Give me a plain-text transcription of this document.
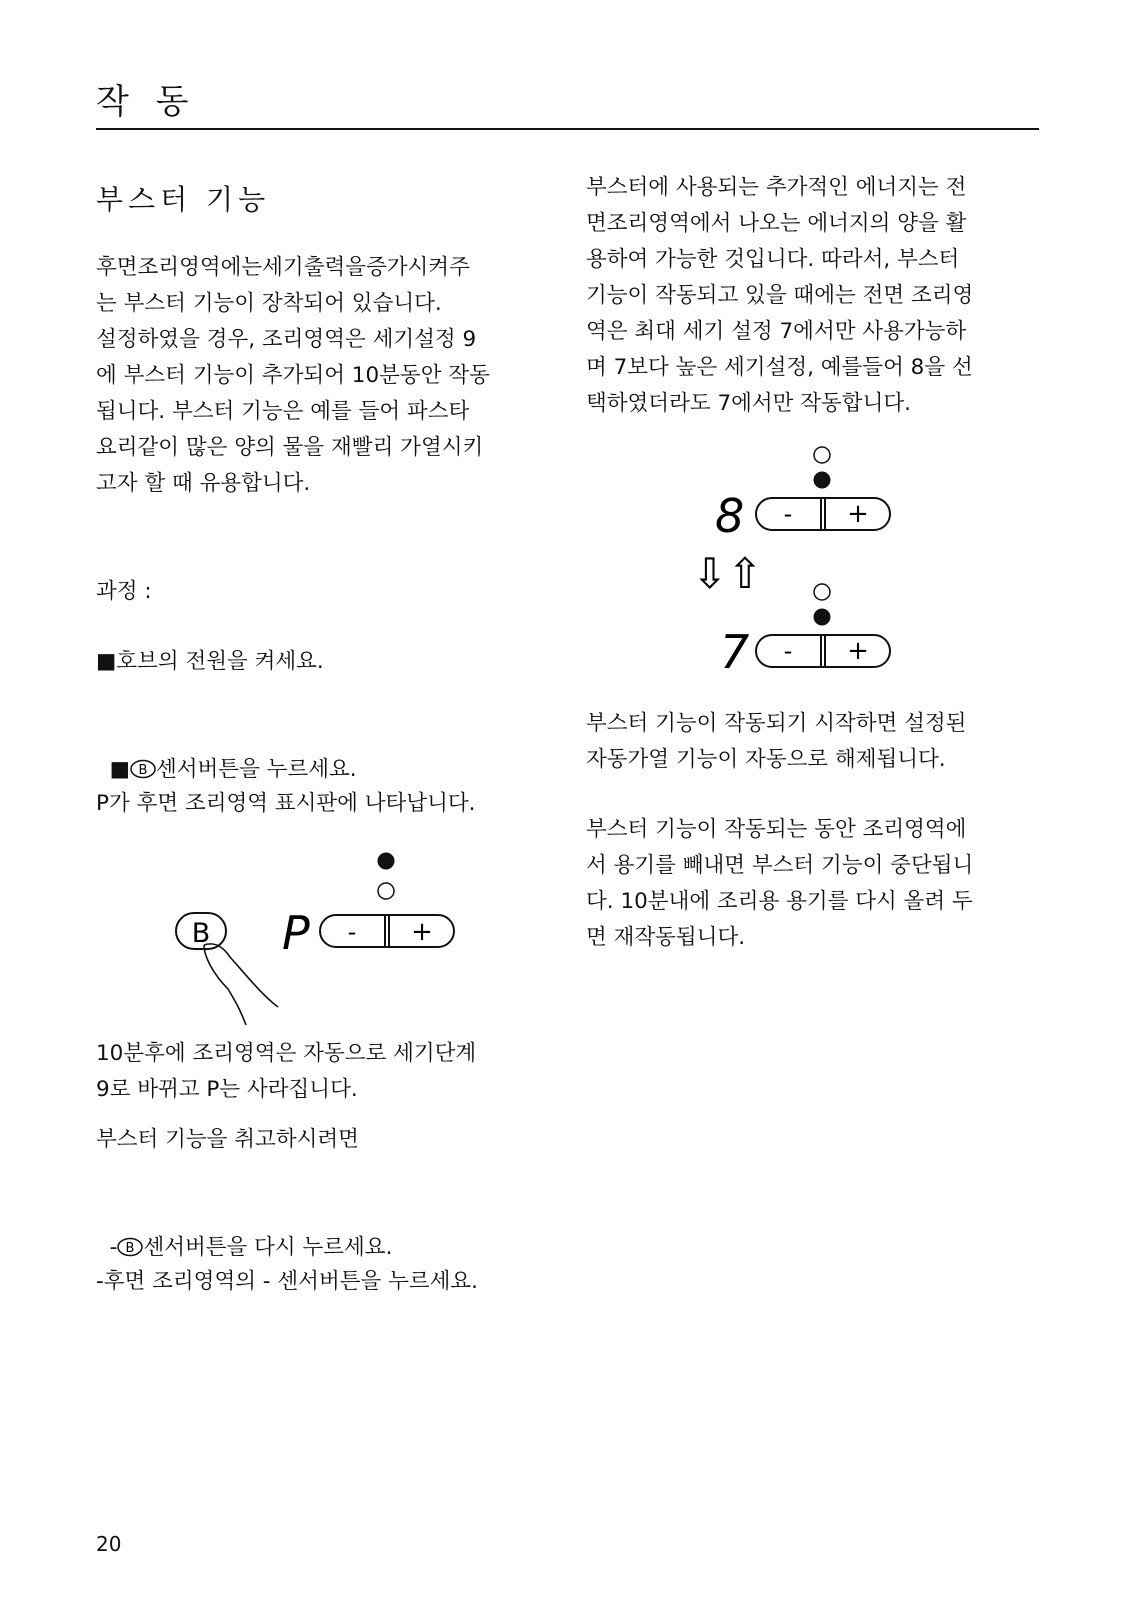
작 동
부스터 기능
후면조리영역에는세기출력을증가시켜주
는 부스터 기능이 장착되어 있습니다.
설정하였을 경우, 조리영역은 세기설정 9
에 부스터 기능이 추가되어 10분동안 작동
됩니다. 부스터 기능은 예를 들어 파스타
요리같이 많은 양의 물을 재빨리 가열시키
고자 할 때 유용합니다.
과정 :
■호브의 전원을 켜세요.

■ B 센서버튼을 누르세요.

P가 후면 조리영역 표시판에 나타납니다.
B P - +
10분후에 조리영역은 자동으로 세기단계
9로 바뀌고 P는 사라집니다.
부스터 기능을 취고하시려면

- B 센서버튼을 다시 누르세요.

-후면 조리영역의 - 센서버튼을 누르세요.
부스터에 사용되는 추가적인 에너지는 전
면조리영역에서 나오는 에너지의 양을 활
용하여 가능한 것입니다. 따라서, 부스터
기능이 작동되고 있을 때에는 전면 조리영
역은 최대 세기 설정 7에서만 사용가능하
며 7보다 높은 세기설정, 예를들어 8을 선
택하였더라도 7에서만 작동합니다.
8 - +
⇩⇧
7 - +
부스터 기능이 작동되기 시작하면 설정된
자동가열 기능이 자동으로 해제됩니다.
부스터 기능이 작동되는 동안 조리영역에
서 용기를 빼내면 부스터 기능이 중단됩니
다. 10분내에 조리용 용기를 다시 올려 두
면 재작동됩니다.
20
